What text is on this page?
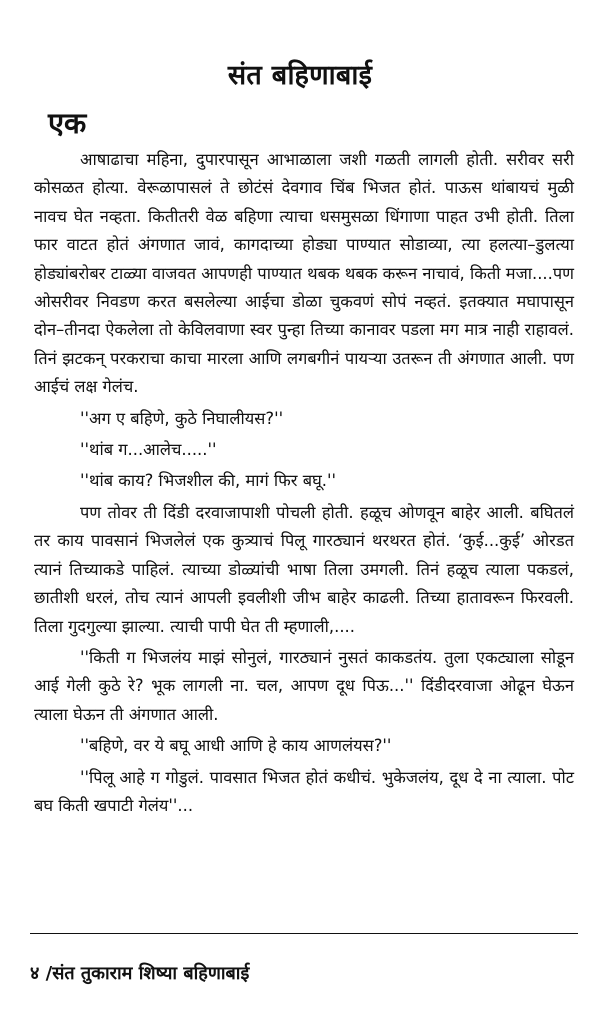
संत बहिणाबाई
एक

आषाढाचा महिना, दुपारपासून आभाळाला जशी गळती लागली होती. सरीवर सरी कोसळत होत्या. वेरूळापासलं ते छोटंसं देवगाव चिंब भिजत होतं. पाऊस थांबायचं मुळी नावच घेत नव्हता. कितीतरी वेळ बहिणा त्याचा धसमुसळा धिंगाणा पाहत उभी होती. तिला फार वाटत होतं अंगणात जावं, कागदाच्या होड्या पाण्यात सोडाव्या, त्या हलत्या–डुलत्या होड्यांबरोबर टाळ्या वाजवत आपणही पाण्यात थबक थबक करून नाचावं, किती मजा....पण ओसरीवर निवडण करत बसलेल्या आईचा डोळा चुकवणं सोपं नव्हतं. इतक्यात मघापासून दोन–तीनदा ऐकलेला तो केविलवाणा स्वर पुन्हा तिच्या कानावर पडला मग मात्र नाही राहावलं. तिनं झटकन् परकराचा काचा मारला आणि लगबगीनं पायऱ्या उतरून ती अंगणात आली. पण आईचं लक्ष गेलंच.

''अग ए बहिणे, कुठे निघालीयस?''

''थांब ग...आलेच.....''

''थांब काय? भिजशील की, मागं फिर बघू.''

पण तोवर ती दिंडी दरवाजापाशी पोचली होती. हळूच ओणवून बाहेर आली. बघितलं तर काय पावसानं भिजलेलं एक कुत्र्याचं पिलू गारठ्यानं थरथरत होतं. ‘कुई...कुई’ ओरडत त्यानं तिच्याकडे पाहिलं. त्याच्या डोळ्यांची भाषा तिला उमगली. तिनं हळूच त्याला पकडलं, छातीशी धरलं, तोच त्यानं आपली इवलीशी जीभ बाहेर काढली. तिच्या हातावरून फिरवली. तिला गुदगुल्या झाल्या. त्याची पापी घेत ती म्हणाली,....

''किती ग भिजलंय माझं सोनुलं, गारठ्यानं नुसतं काकडतंय. तुला एकट्याला सोडून आई गेली कुठे रे? भूक लागली ना. चल, आपण दूध पिऊ...'' दिंडीदरवाजा ओढून घेऊन त्याला घेऊन ती अंगणात आली.

''बहिणे, वर ये बघू आधी आणि हे काय आणलंयस?''

''पिलू आहे ग गोडुलं. पावसात भिजत होतं कधीचं. भुकेजलंय, दूध दे ना त्याला. पोट बघ किती खपाटी गेलंय''...

४ /संत तुकाराम शिष्या बहिणाबाई
